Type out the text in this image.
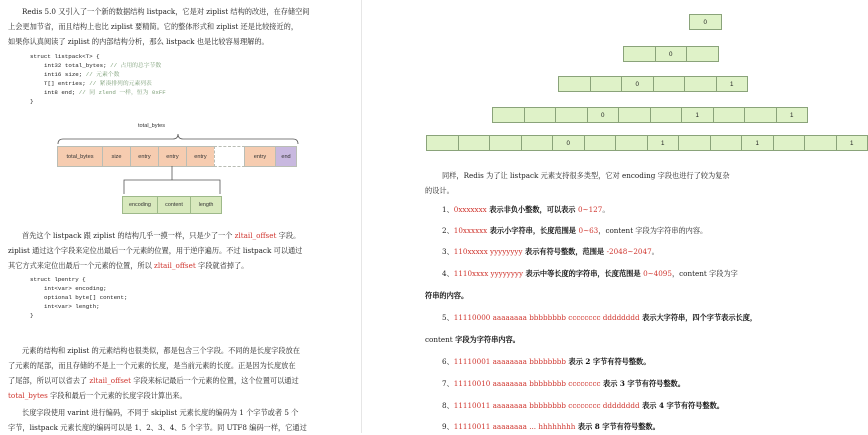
Redis 5.0 又引入了一个新的数据结构 listpack，它是对 ziplist 结构的改进，在存储空间
上会更加节省，而且结构上也比 ziplist 要精简。它的整体形式和 ziplist 还是比较接近的，
如果你认真阅读了 ziplist 的内部结构分析，那么 listpack 也是比较容易理解的。
struct listpack<T> {
int32 total_bytes; // 占用的总字节数
int16 size; // 元素个数
T[] entries; // 紧凑排列的元素列表
int8 end; // 同 zlend 一样，恒为 0xFF
}
total_bytes
total_bytes	size	entry	entry	entry	entry	end
encoding	content	length
首先这个 listpack 跟 ziplist 的结构几乎一摸一样，只是少了一个 zltail_offset 字段。
ziplist 通过这个字段来定位出最后一个元素的位置，用于逆序遍历。不过 listpack 可以通过
其它方式来定位出最后一个元素的位置，所以 zltail_offset 字段就省掉了。
struct lpentry {
int<var> encoding;
optional byte[] content;
int<var> length;
}
元素的结构和 ziplist 的元素结构也很类似，都是包含三个字段。不同的是长度字段放在
了元素的尾部，而且存储的不是上一个元素的长度，是当前元素的长度。正是因为长度放在
了尾部，所以可以省去了 zltail_offset 字段来标记最后一个元素的位置，这个位置可以通过
total_bytes 字段和最后一个元素的长度字段计算出来。
长度字段使用 varint 进行编码，不同于 skiplist 元素长度的编码为 1 个字节或者 5 个
字节，listpack 元素长度的编码可以是 1、2、3、4、5 个字节。同 UTF8 编码一样，它通过
0
0
0	1
0	1	1
0	1	1	1
同样，Redis 为了让 listpack 元素支持很多类型，它对 encoding 字段也进行了较为复杂
的设计。
1、0xxxxxxx 表示非负小整数，可以表示 0~127。
2、10xxxxxx 表示小字符串，长度范围是 0~63，content 字段为字符串的内容。
3、110xxxxx yyyyyyyy 表示有符号整数，范围是 -2048~2047。
4、1110xxxx yyyyyyyy 表示中等长度的字符串，长度范围是 0~4095，content 字段为字
符串的内容。
5、11110000 aaaaaaaa bbbbbbbb cccccccc dddddddd 表示大字符串，四个字节表示长度，
content 字段为字符串内容。
6、11110001 aaaaaaaa bbbbbbbb 表示 2 字节有符号整数。
7、11110010 aaaaaaaa bbbbbbbb cccccccc 表示 3 字节有符号整数。
8、11110011 aaaaaaaa bbbbbbbb cccccccc dddddddd 表示 4 字节有符号整数。
9、11110011 aaaaaaaa ... hhhhhhhh 表示 8 字节有符号整数。
